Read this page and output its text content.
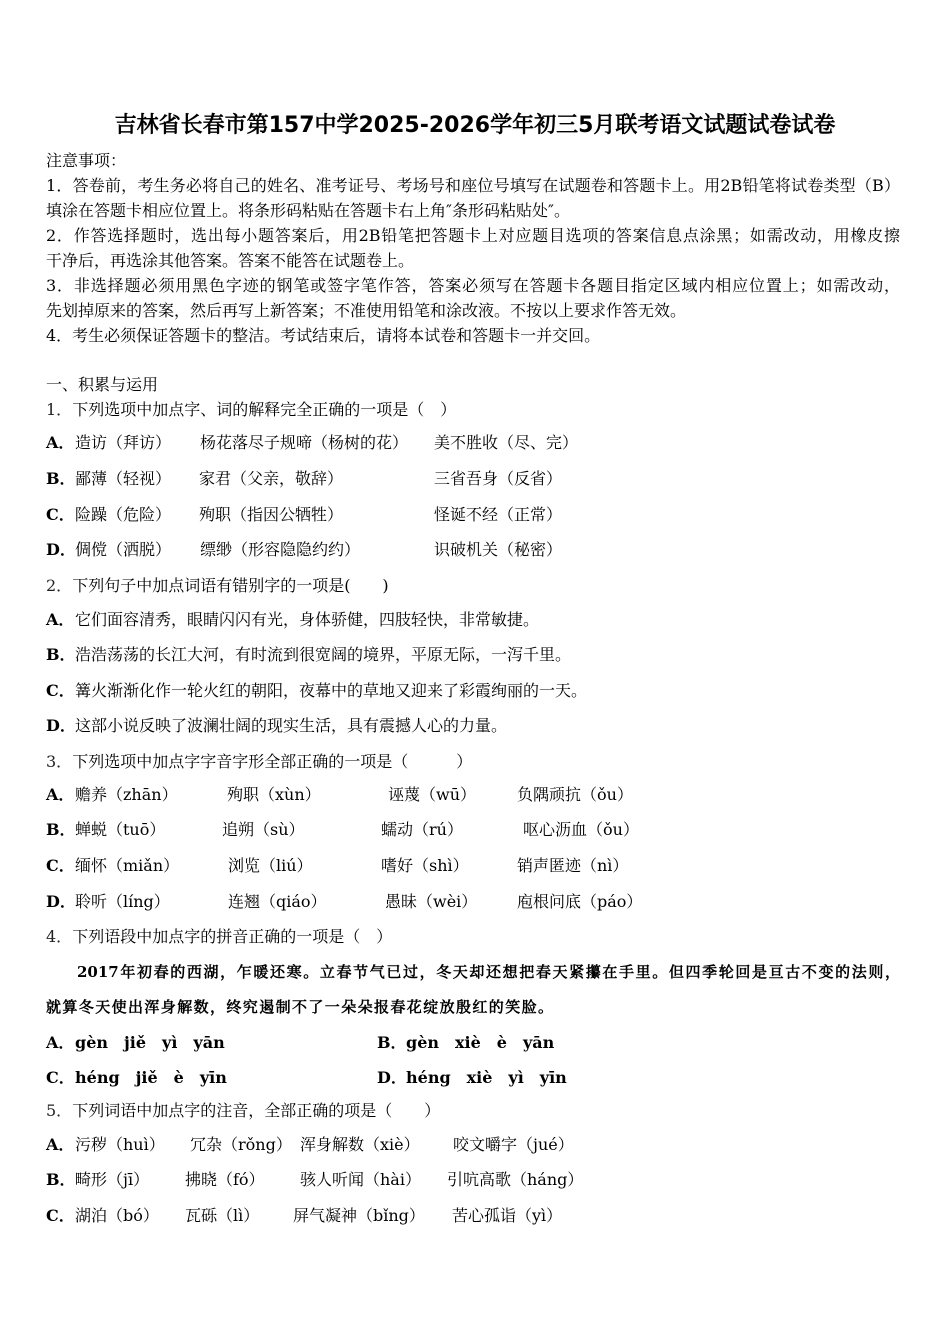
吉林省长春市第157中学2025-2026学年初三5月联考语文试题试卷试卷
注意事项：
1．答卷前，考生务必将自己的姓名、准考证号、考场号和座位号填写在试题卷和答题卡上。用2B铅笔将试卷类型（B）
填涂在答题卡相应位置上。将条形码粘贴在答题卡右上角″条形码粘贴处″。
2．作答选择题时，选出每小题答案后，用2B铅笔把答题卡上对应题目选项的答案信息点涂黑；如需改动，用橡皮擦
干净后，再选涂其他答案。答案不能答在试题卷上。
3．非选择题必须用黑色字迹的钢笔或签字笔作答，答案必须写在答题卡各题目指定区域内相应位置上；如需改动，
先划掉原来的答案，然后再写上新答案；不准使用铅笔和涂改液。不按以上要求作答无效。
4．考生必须保证答题卡的整洁。考试结束后，请将本试卷和答题卡一并交回。
一、积累与运用
1．下列选项中加点字、词的解释完全正确的一项是（　）
A． 造访（拜访） 杨花落尽子规啼（杨树的花） 美不胜收（尽、完）
B． 鄙薄（轻视） 家君（父亲，敬辞）	三省吾身（反省）
C． 险躁（危险） 殉职（指因公牺牲）	怪诞不经（正常）
D． 倜傥（洒脱） 缥缈（形容隐隐约约）	识破机关（秘密）
2．下列句子中加点词语有错别字的一项是(　　)
A． 它们面容清秀，眼睛闪闪有光，身体骄健，四肢轻快，非常敏捷。
B． 浩浩荡荡的长江大河，有时流到很宽阔的境界，平原无际，一泻千里。
C． 篝火渐渐化作一轮火红的朝阳，夜幕中的草地又迎来了彩霞绚丽的一天。
D． 这部小说反映了波澜壮阔的现实生活，具有震撼人心的力量。
3．下列选项中加点字字音字形全部正确的一项是（　　　）
A． 赡养（zhān）	殉职（xùn）	诬蔑（wū）	负隅顽抗（ǒu）
B． 蝉蜕（tuō）	追朔（sù）	蠕动（rú）	呕心沥血（ǒu）
C． 缅怀（miǎn）	浏览（liú）	嗜好（shì）	销声匿迹（nì）
D． 聆听（líng）	连翘（qiáo）	愚昧（wèi） 庖根问底（páo）
4．下列语段中加点字的拼音正确的一项是（　）
2017年初春的西湖，乍暖还寒。立春节气已过，冬天却还想把春天紧攥在手里。但四季轮回是亘古不变的法则，
就算冬天使出浑身解数，终究遏制不了一朵朵报春花绽放殷红的笑脸。
A． gèn　jiě　yì　yān	B． gèn　xiè　è　yān
C． héng　jiě　è　yīn	D． héng　xiè　yì　yīn
5．下列词语中加点字的注音，全部正确的项是（　　）
A． 污秽（huì） 冗杂（rǒng） 浑身解数（xiè） 咬文嚼字（jué）
B． 畸形（jī） 拂晓（fó） 骇人听闻（hài） 引吭高歌（háng）
C． 湖泊（bó） 瓦砾（lì） 屏气凝神（bǐng） 苦心孤诣（yì）
